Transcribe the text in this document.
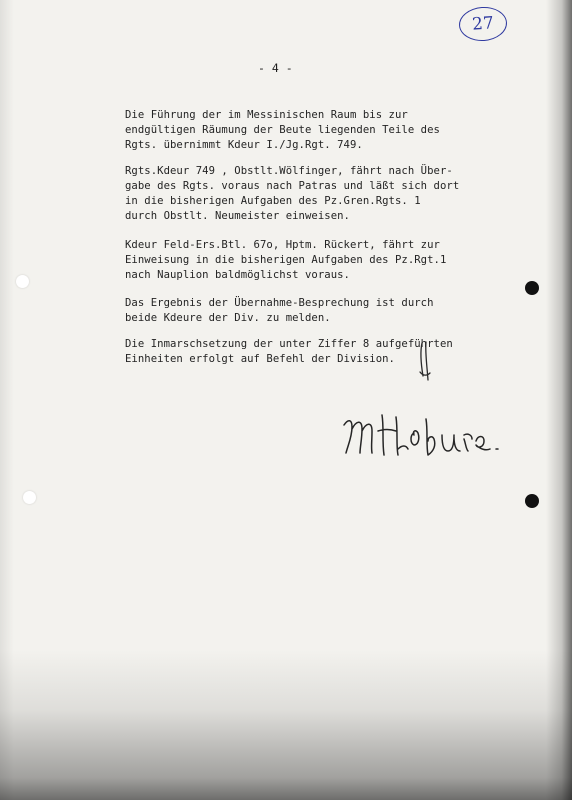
27
- 4 -
Die Führung der im Messinischen Raum bis zur
endgültigen Räumung der Beute liegenden Teile des
Rgts. übernimmt Kdeur I./Jg.Rgt. 749.
Rgts.Kdeur 749 , Obstlt.Wölfinger, fährt nach Über-
gabe des Rgts. voraus nach Patras und läßt sich dort
in die bisherigen Aufgaben des Pz.Gren.Rgts. 1
durch Obstlt. Neumeister einweisen.
Kdeur Feld-Ers.Btl. 67o, Hptm. Rückert, fährt zur
Einweisung in die bisherigen Aufgaben des Pz.Rgt.1
nach Nauplion baldmöglichst voraus.
Das Ergebnis der Übernahme-Besprechung ist durch
beide Kdeure der Div. zu melden.
Die Inmarschsetzung der unter Ziffer 8 aufgeführten
Einheiten erfolgt auf Befehl der Division.
